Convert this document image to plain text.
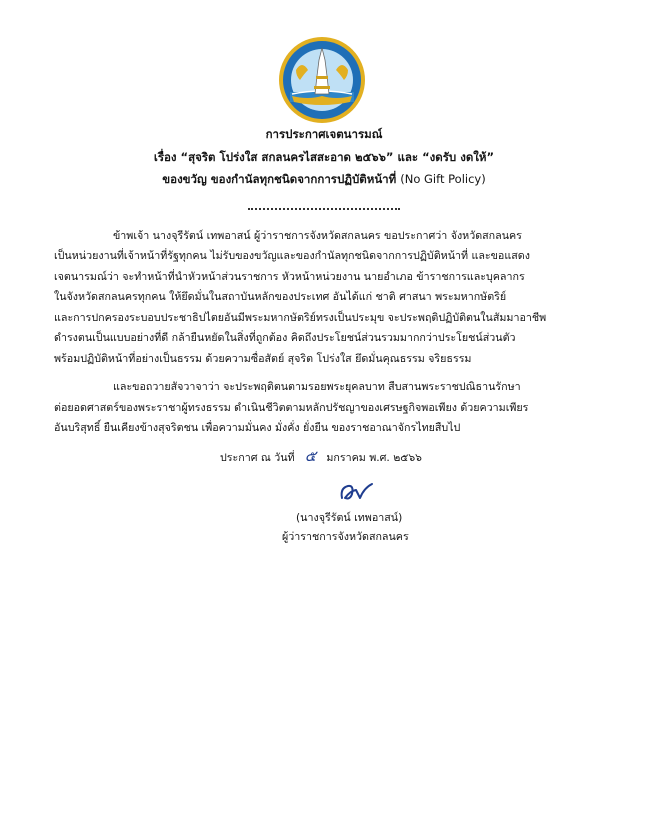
การประกาศเจตนารมณ์
เรื่อง “สุจริต โปร่งใส สกลนครไสสะอาด ๒๕๖๖” และ “งดรับ งดให้”
ของขวัญ ของกำนัลทุกชนิดจากการปฏิบัติหน้าที่ (No Gift Policy)
ข้าพเจ้า นางจุรีรัตน์ เทพอาสน์ ผู้ว่าราชการจังหวัดสกลนคร ขอประกาศว่า จังหวัดสกลนคร
เป็นหน่วยงานที่เจ้าหน้าที่รัฐทุกคน ไม่รับของขวัญและของกำนัลทุกชนิดจากการปฏิบัติหน้าที่ และขอแสดง
เจตนารมณ์ว่า จะทำหน้าที่นำหัวหน้าส่วนราชการ หัวหน้าหน่วยงาน นายอำเภอ ข้าราชการและบุคลากร
ในจังหวัดสกลนครทุกคน ให้ยึดมั่นในสถาบันหลักของประเทศ อันได้แก่ ชาติ ศาสนา พระมหากษัตริย์
และการปกครองระบอบประชาธิปไตยอันมีพระมหากษัตริย์ทรงเป็นประมุข จะประพฤติปฏิบัติตนในสัมมาอาชีพ
ดำรงตนเป็นแบบอย่างที่ดี กล้ายืนหยัดในสิ่งที่ถูกต้อง คิดถึงประโยชน์ส่วนรวมมากกว่าประโยชน์ส่วนตัว
พร้อมปฏิบัติหน้าที่อย่างเป็นธรรม ด้วยความซื่อสัตย์ สุจริต โปร่งใส ยึดมั่นคุณธรรม จริยธรรม
และขอถวายสัจวาจาว่า จะประพฤติตนตามรอยพระยุคลบาท สืบสานพระราชปณิธานรักษา
ต่อยอดศาสตร์ของพระราชาผู้ทรงธรรม ดำเนินชีวิตตามหลักปรัชญาของเศรษฐกิจพอเพียง ด้วยความเพียร
อันบริสุทธิ์ ยืนเคียงข้างสุจริตชน เพื่อความมั่นคง มั่งคั่ง ยั่งยืน ของราชอาณาจักรไทยสืบไป
ประกาศ ณ วันที่ ๕ มกราคม พ.ศ. ๒๕๖๖
(นางจุรีรัตน์ เทพอาสน์)
ผู้ว่าราชการจังหวัดสกลนคร
